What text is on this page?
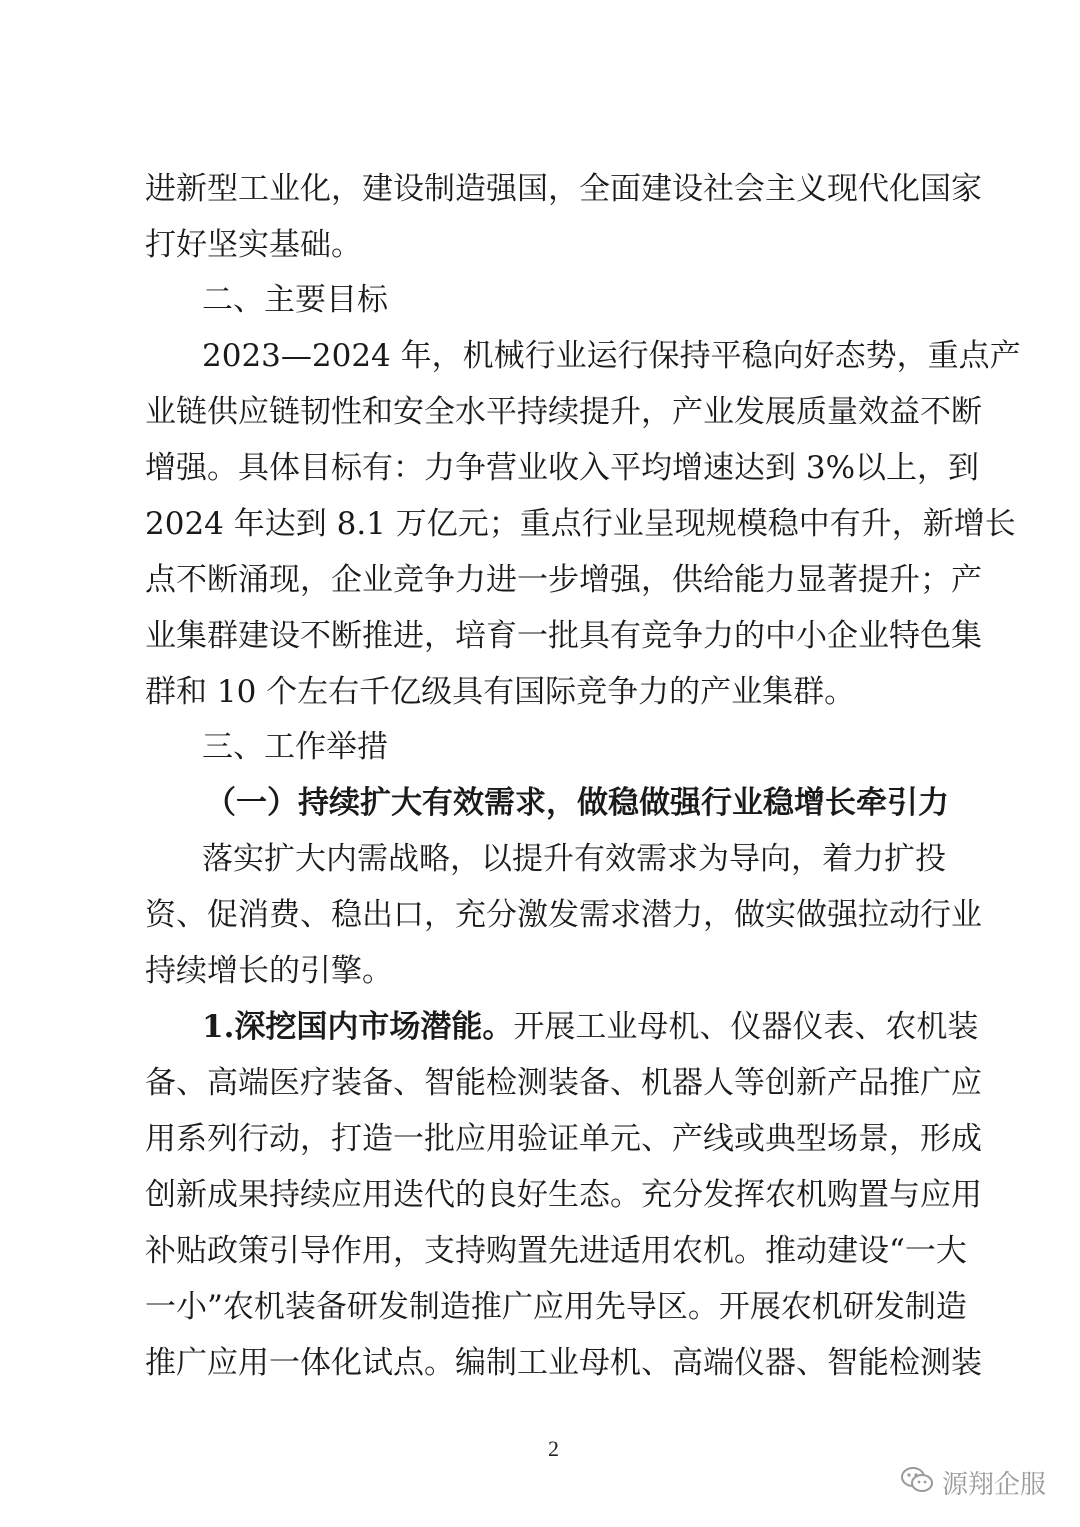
进新型工业化，建设制造强国，全面建设社会主义现代化国家
打好坚实基础。
二、主要目标
2023—2024 年，机械行业运行保持平稳向好态势，重点产
业链供应链韧性和安全水平持续提升，产业发展质量效益不断
增强。具体目标有：力争营业收入平均增速达到 3%以上，到
2024 年达到 8.1 万亿元；重点行业呈现规模稳中有升，新增长
点不断涌现，企业竞争力进一步增强，供给能力显著提升；产
业集群建设不断推进，培育一批具有竞争力的中小企业特色集
群和 10 个左右千亿级具有国际竞争力的产业集群。
三、工作举措
（一）持续扩大有效需求，做稳做强行业稳增长牵引力
落实扩大内需战略，以提升有效需求为导向，着力扩投
资、促消费、稳出口，充分激发需求潜力，做实做强拉动行业
持续增长的引擎。
1.深挖国内市场潜能。 开展工业母机、仪器仪表、农机装
备、高端医疗装备、智能检测装备、机器人等创新产品推广应
用系列行动，打造一批应用验证单元、产线或典型场景，形成
创新成果持续应用迭代的良好生态。充分发挥农机购置与应用
补贴政策引导作用，支持购置先进适用农机。推动建设“一大
一小”农机装备研发制造推广应用先导区。开展农机研发制造
推广应用一体化试点。编制工业母机、高端仪器、智能检测装
2
源翔企服
